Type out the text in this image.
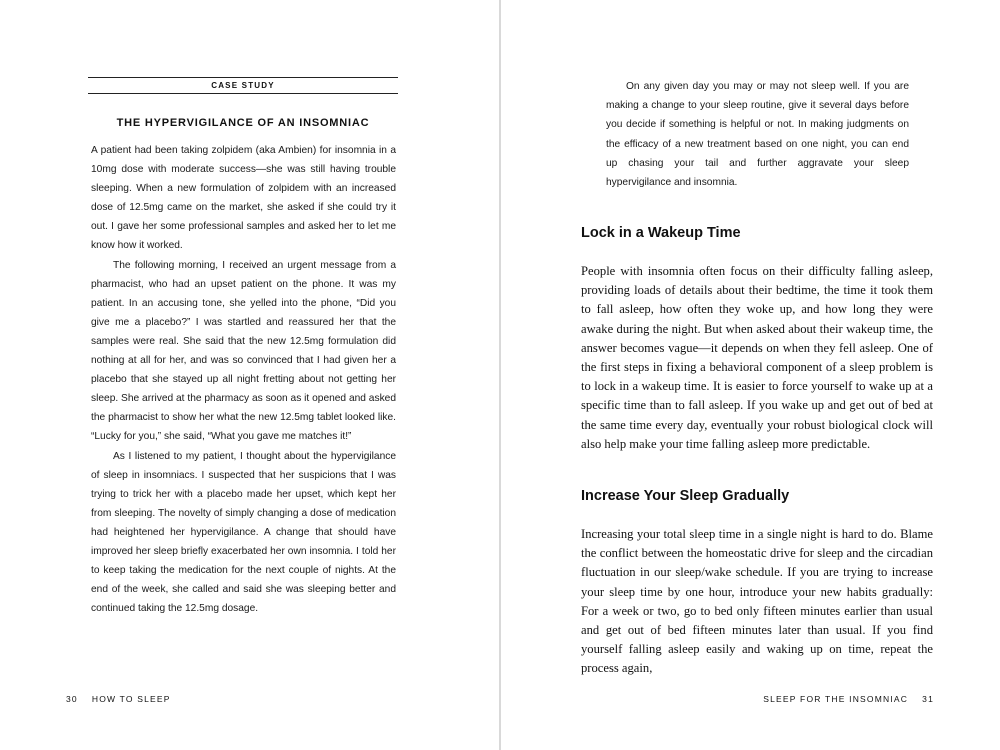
CASE STUDY
THE HYPERVIGILANCE OF AN INSOMNIAC

A patient had been taking zolpidem (aka Ambien) for insomnia in a 10mg dose with moderate success—she was still having trouble sleeping. When a new formulation of zolpidem with an increased dose of 12.5mg came on the market, she asked if she could try it out. I gave her some professional samples and asked her to let me know how it worked.

The following morning, I received an urgent message from a pharmacist, who had an upset patient on the phone. It was my patient. In an accusing tone, she yelled into the phone, “Did you give me a placebo?” I was startled and reassured her that the samples were real. She said that the new 12.5mg formulation did nothing at all for her, and was so convinced that I had given her a placebo that she stayed up all night fretting about not getting her sleep. She arrived at the pharmacy as soon as it opened and asked the pharmacist to show her what the new 12.5mg tablet looked like. “Lucky for you,” she said, “What you gave me matches it!”

As I listened to my patient, I thought about the hypervigilance of sleep in insomniacs. I suspected that her suspicions that I was trying to trick her with a placebo made her upset, which kept her from sleeping. The novelty of simply changing a dose of medication had heightened her hypervigilance. A change that should have improved her sleep briefly exacerbated her own insomnia. I told her to keep taking the medication for the next couple of nights. At the end of the week, she called and said she was sleeping better and continued taking the 12.5mg dosage.

30 HOW TO SLEEP

On any given day you may or may not sleep well. If you are making a change to your sleep routine, give it several days before you decide if something is helpful or not. In making judgments on the efficacy of a new treatment based on one night, you can end up chasing your tail and further aggravate your sleep hypervigilance and insomnia.

Lock in a Wakeup Time

People with insomnia often focus on their difficulty falling asleep, providing loads of details about their bedtime, the time it took them to fall asleep, how often they woke up, and how long they were awake during the night. But when asked about their wakeup time, the answer becomes vague—it depends on when they fell asleep. One of the first steps in fixing a behavioral component of a sleep problem is to lock in a wakeup time. It is easier to force yourself to wake up at a specific time than to fall asleep. If you wake up and get out of bed at the same time every day, eventually your robust biological clock will also help make your time falling asleep more predictable.

Increase Your Sleep Gradually

Increasing your total sleep time in a single night is hard to do. Blame the conflict between the homeostatic drive for sleep and the circadian fluctuation in our sleep/wake schedule. If you are trying to increase your sleep time by one hour, introduce your new habits gradually: For a week or two, go to bed only fifteen minutes earlier than usual and get out of bed fifteen minutes later than usual. If you find yourself falling asleep easily and waking up on time, repeat the process again,

SLEEP FOR THE INSOMNIAC 31
